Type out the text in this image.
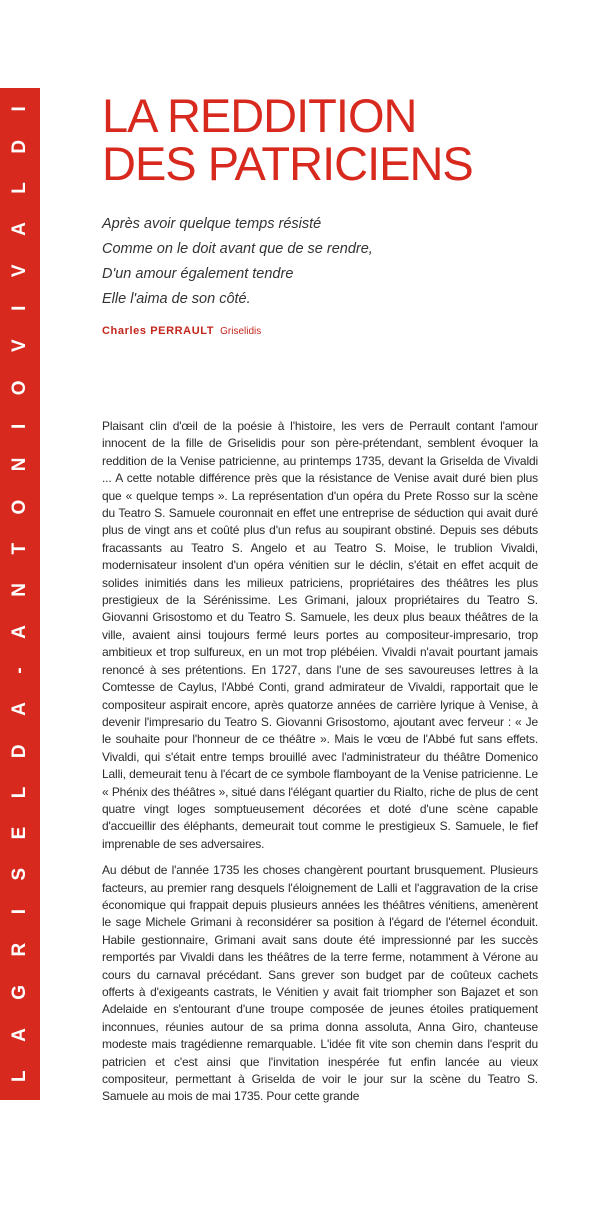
L
A
G
R
I
S
E
L
D
A
-
A
N
T
O
N
I
O
V
I
V
A
L
D
I LA REDDITION
DES PATRICIENS
Après avoir quelque temps résisté
Comme on le doit avant que de se rendre,
D'un amour également tendre
Elle l'aima de son côté.
Charles PERRAULT Griselidis

Plaisant clin d'œil de la poésie à l'histoire, les vers de Perrault contant l'amour innocent de la fille de Griselidis pour son père-prétendant, semblent évoquer la reddition de la Venise patricienne, au printemps 1735, devant la Griselda de Vivaldi ... A cette notable différence près que la résistance de Venise avait duré bien plus que « quelque temps ». La représentation d'un opéra du Prete Rosso sur la scène du Teatro S. Samuele couronnait en effet une entreprise de séduction qui avait duré plus de vingt ans et coûté plus d'un refus au soupirant obstiné. Depuis ses débuts fracassants au Teatro S. Angelo et au Teatro S. Moise, le trublion Vivaldi, modernisateur insolent d'un opéra vénitien sur le déclin, s'était en effet acquit de solides inimitiés dans les milieux patriciens, propriétaires des théâtres les plus prestigieux de la Sérénissime. Les Grimani, jaloux propriétaires du Teatro S. Giovanni Grisostomo et du Teatro S. Samuele, les deux plus beaux théâtres de la ville, avaient ainsi toujours fermé leurs portes au compositeur-impresario, trop ambitieux et trop sulfureux, en un mot trop plébéien. Vivaldi n'avait pourtant jamais renoncé à ses prétentions. En 1727, dans l'une de ses savoureuses lettres à la Comtesse de Caylus, l'Abbé Conti, grand admirateur de Vivaldi, rapportait que le compositeur aspirait encore, après quatorze années de carrière lyrique à Venise, à devenir l'impresario du Teatro S. Giovanni Grisostomo, ajoutant avec ferveur : « Je le souhaite pour l'honneur de ce théâtre ». Mais le vœu de l'Abbé fut sans effets. Vivaldi, qui s'était entre temps brouillé avec l'administrateur du théâtre Domenico Lalli, demeurait tenu à l'écart de ce symbole flamboyant de la Venise patricienne. Le « Phénix des théâtres », situé dans l'élégant quartier du Rialto, riche de plus de cent quatre vingt loges somptueusement décorées et doté d'une scène capable d'accueillir des éléphants, demeurait tout comme le prestigieux S. Samuele, le fief imprenable de ses adversaires.

Au début de l'année 1735 les choses changèrent pourtant brusquement. Plusieurs facteurs, au premier rang desquels l'éloignement de Lalli et l'aggravation de la crise économique qui frappait depuis plusieurs années les théâtres vénitiens, amenèrent le sage Michele Grimani à reconsidérer sa position à l'égard de l'éternel éconduit. Habile gestionnaire, Grimani avait sans doute été impressionné par les succès remportés par Vivaldi dans les théâtres de la terre ferme, notamment à Vérone au cours du carnaval précédant. Sans grever son budget par de coûteux cachets offerts à d'exigeants castrats, le Vénitien y avait fait triompher son Bajazet et son Adelaide en s'entourant d'une troupe composée de jeunes étoiles pratiquement inconnues, réunies autour de sa prima donna assoluta, Anna Giro, chanteuse modeste mais tragédienne remarquable. L'idée fit vite son chemin dans l'esprit du patricien et c'est ainsi que l'invitation inespérée fut enfin lancée au vieux compositeur, permettant à Griselda de voir le jour sur la scène du Teatro S. Samuele au mois de mai 1735. Pour cette grande
